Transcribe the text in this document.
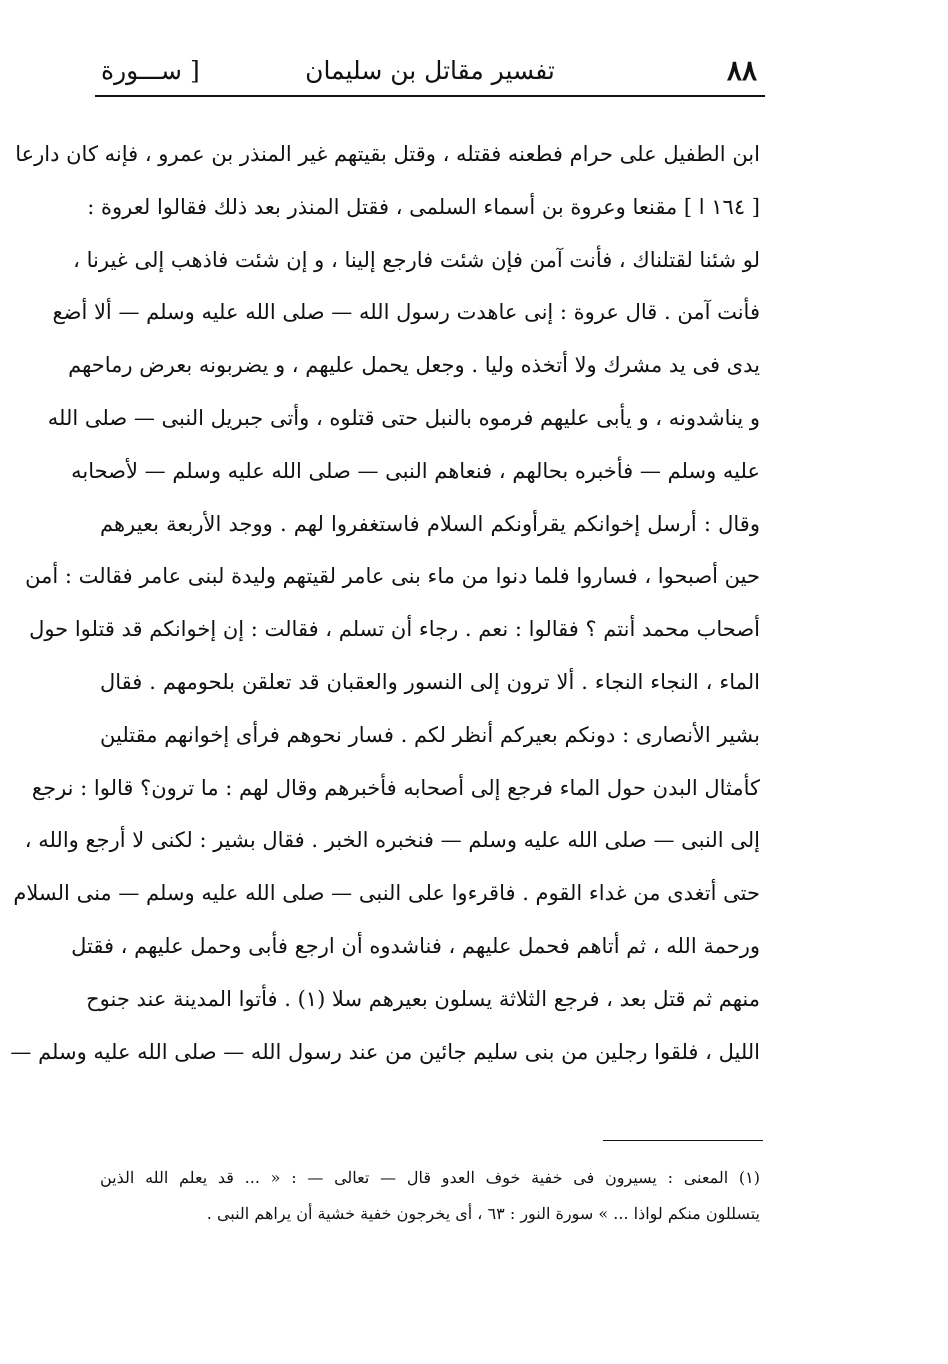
٨٨
تفسير مقاتل بن سليمان
[ ســـورة
ابن الطفيل على حرام فطعنه فقتله ، وقتل بقيتهم غير المنذر بن عمرو ، فإنه كان دارعا
[ ١٦٤ ا ] مقنعا وعروة بن أسماء السلمى ، فقتل المنذر بعد ذلك فقالوا لعروة :
لو شئنا لقتلناك ، فأنت آمن فإن شئت فارجع إلينا ، و إن شئت فاذهب إلى غيرنا ،
فأنت آمن . قال عروة : إنى عاهدت رسول الله — صلى الله عليه وسلم — ألا أضع
يدى فى يد مشرك ولا أتخذه وليا . وجعل يحمل عليهم ، و يضربونه بعرض رماحهم
و يناشدونه ، و يأبى عليهم فرموه بالنبل حتى قتلوه ، وأتى جبريل النبى — صلى الله
عليه وسلم — فأخبره بحالهم ، فنعاهم النبى — صلى الله عليه وسلم — لأصحابه
وقال : أرسل إخوانكم يقرأونكم السلام فاستغفروا لهم . ووجد الأربعة بعيرهم
حين أصبحوا ، فساروا فلما دنوا من ماء بنى عامر لقيتهم وليدة لبنى عامر فقالت : أمن
أصحاب محمد أنتم ؟ فقالوا : نعم . رجاء أن تسلم ، فقالت : إن إخوانكم قد قتلوا حول
الماء ، النجاء النجاء . ألا ترون إلى النسور والعقبان قد تعلقن بلحومهم . فقال
بشير الأنصارى : دونكم بعيركم أنظر لكم . فسار نحوهم فرأى إخوانهم مقتلين
كأمثال البدن حول الماء فرجع إلى أصحابه فأخبرهم وقال لهم : ما ترون؟ قالوا : نرجع
إلى النبى — صلى الله عليه وسلم — فنخبره الخبر . فقال بشير : لكنى لا أرجع والله ،
حتى أتغدى من غداء القوم . فاقرءوا على النبى — صلى الله عليه وسلم — منى السلام
ورحمة الله ، ثم أتاهم فحمل عليهم ، فناشدوه أن ارجع فأبى وحمل عليهم ، فقتل
منهم ثم قتل بعد ، فرجع الثلاثة يسلون بعيرهم سلا (١) . فأتوا المدينة عند جنوح
الليل ، فلقوا رجلين من بنى سليم جائين من عند رسول الله — صلى الله عليه وسلم —
(١) المعنى : يسيرون فى خفية خوف العدو قال — تعالى — : « ... قد يعلم الله الذين
يتسللون منكم لواذا ... » سورة النور : ٦٣ ، أى يخرجون خفية خشية أن يراهم النبى .
